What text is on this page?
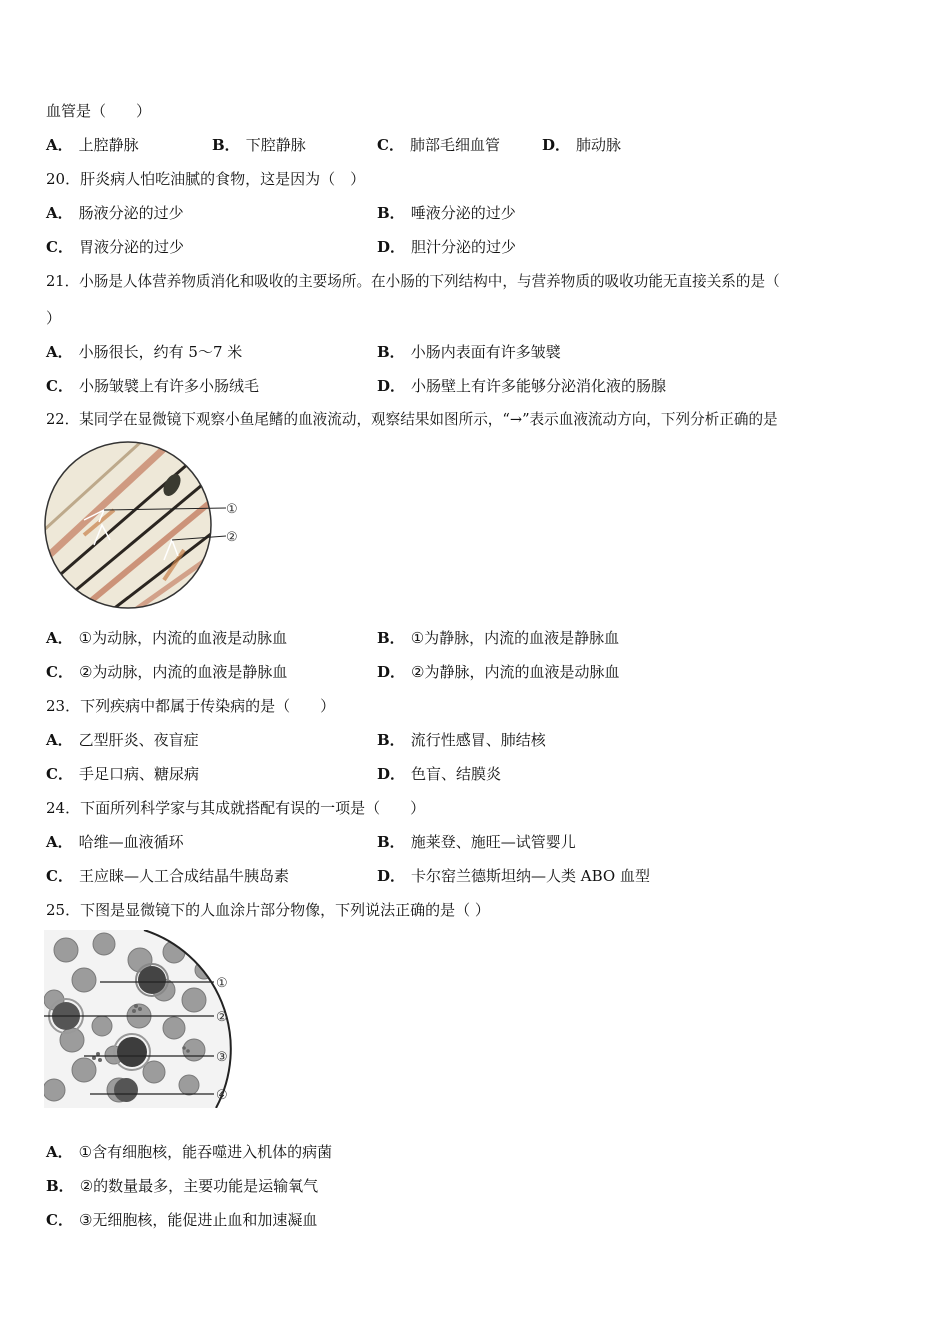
血管是（　　）
A． 上腔静脉	B． 下腔静脉	C． 肺部毛细血管	D． 肺动脉
20．肝炎病人怕吃油腻的食物，这是因为（　）
A． 肠液分泌的过少	B． 唾液分泌的过少
C． 胃液分泌的过少	D． 胆汁分泌的过少
21．小肠是人体营养物质消化和吸收的主要场所。在小肠的下列结构中，与营养物质的吸收功能无直接关系的是（
）
A． 小肠很长，约有 5～7 米	B． 小肠内表面有许多皱襞
C． 小肠皱襞上有许多小肠绒毛	D． 小肠壁上有许多能够分泌消化液的肠腺
22．某同学在显微镜下观察小鱼尾鳍的血液流动，观察结果如图所示，“→”表示血液流动方向，下列分析正确的是
①
②
A． ①为动脉，内流的血液是动脉血	B． ①为静脉，内流的血液是静脉血
C． ②为动脉，内流的血液是静脉血	D． ②为静脉，内流的血液是动脉血
23．下列疾病中都属于传染病的是（　　）
A． 乙型肝炎、夜盲症	B． 流行性感冒、肺结核
C． 手足口病、糖尿病	D． 色盲、结膜炎
24．下面所列科学家与其成就搭配有误的一项是（　　）
A． 哈维—血液循环	B． 施莱登、施旺—试管婴儿
C． 王应睐—人工合成结晶牛胰岛素	D． 卡尔窑兰德斯坦纳—人类 ABO 血型
25．下图是显微镜下的人血涂片部分物像，下列说法正确的是（ ）
①
②
③
④
A． ①含有细胞核，能吞噬进入机体的病菌
B． ②的数量最多，主要功能是运输氧气
C． ③无细胞核，能促进止血和加速凝血
